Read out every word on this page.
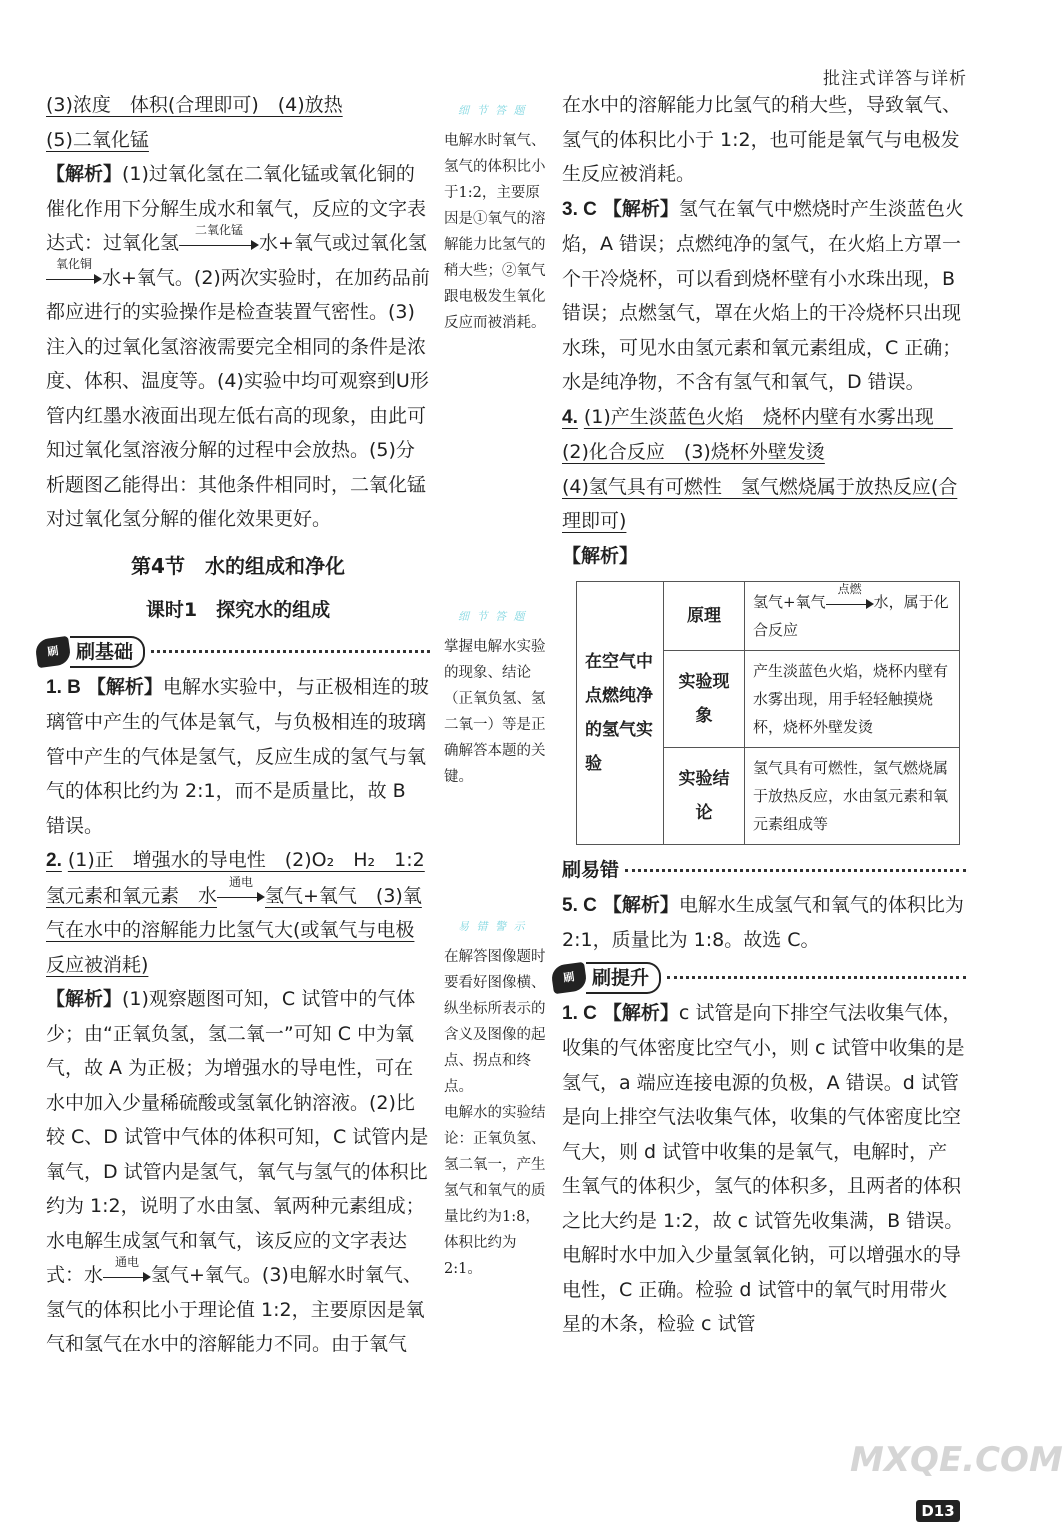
批注式详答与详析

(3)浓度　体积(合理即可)　(4)放热

(5)二氧化锰

【解析】(1)过氧化氢在二氧化锰或氧化铜的催化作用下分解生成水和氧气，反应的文字表达式：过氧化氢
二氧化锰
水+氧气或过氧化氢
氧化铜
水+氧气。(2)两次实验时，在加药品前都应进行的实验操作是检查装置气密性。(3)注入的过氧化氢溶液需要完全相同的条件是浓度、体积、温度等。(4)实验中均可观察到U形管内红墨水液面出现左低右高的现象，由此可知过氧化氢溶液分解的过程中会放热。(5)分析题图乙能得出：其他条件相同时，二氧化锰对过氧化氢分解的催化效果更好。

第4节　水的组成和净化
课时1　探究水的组成
刷 刷基础

1. B 【解析】电解水实验中，与正极相连的玻璃管中产生的气体是氧气，与负极相连的玻璃管中产生的气体是氢气，反应生成的氢气与氧气的体积比约为 2:1，而不是质量比，故 B 错误。

2. (1)正　增强水的导电性　(2)O₂　H₂　1:2

氢元素和氧元素　水
通电
氢气+氧气　(3)氧气在水中的溶解能力比氢气大(或氧气与电极反应被消耗)

【解析】(1)观察题图可知，C 试管中的气体少；由“正氧负氢，氢二氧一”可知 C 中为氧气，故 A 为正极；为增强水的导电性，可在水中加入少量稀硫酸或氢氧化钠溶液。(2)比较 C、D 试管中气体的体积可知，C 试管内是氧气，D 试管内是氢气，氧气与氢气的体积比约为 1:2，说明了水由氢、氧两种元素组成；水电解生成氢气和氧气，该反应的文字表达式：水
通电
氢气+氧气。(3)电解水时氧气、氢气的体积比小于理论值 1:2，主要原因是氧气和氢气在水中的溶解能力不同。由于氧气

细 节 答 题

电解水时氧气、氢气的体积比小于1:2，主要原因是①氧气的溶解能力比氢气的稍大些；②氧气跟电极发生氧化反应而被消耗。

细 节 答 题

掌握电解水实验的现象、结论（正氧负氢、氢二氧一）等是正确解答本题的关键。

易 错 警 示

在解答图像题时要看好图像横、纵坐标所表示的含义及图像的起点、拐点和终点。

电解水的实验结论：正氧负氢、氢二氧一，产生氢气和氧气的质量比约为1:8，体积比约为2:1。

在水中的溶解能力比氢气的稍大些，导致氧气、氢气的体积比小于 1:2，也可能是氧气与电极发生反应被消耗。

3. C 【解析】氢气在氧气中燃烧时产生淡蓝色火焰，A 错误；点燃纯净的氢气，在火焰上方罩一个干冷烧杯，可以看到烧杯壁有小水珠出现，B 错误；点燃氢气，罩在火焰上的干冷烧杯只出现水珠，可见水由氢元素和氧元素组成，C 正确；水是纯净物，不含有氢气和氧气，D 错误。

4. (1)产生淡蓝色火焰　烧杯内壁有水雾出现　(2)化合反应　(3)烧杯外壁发烫

(4)氢气具有可燃性　氢气燃烧属于放热反应(合理即可)

【解析】

在空气中点燃纯净的氢气实验	原理	氢气+氧气
点燃
水，属于化合反应
	实验现象	产生淡蓝色火焰，烧杯内壁有水雾出现，用手轻轻触摸烧杯，烧杯外壁发烫
	实验结论	氢气具有可燃性，氢气燃烧属于放热反应，水由氢元素和氧元素组成等
刷易错

5. C 【解析】电解水生成氢气和氧气的体积比为 2:1，质量比为 1:8。故选 C。

刷 刷提升

1. C 【解析】c 试管是向下排空气法收集气体，收集的气体密度比空气小，则 c 试管中收集的是氢气，a 端应连接电源的负极，A 错误。d 试管是向上排空气法收集气体，收集的气体密度比空气大，则 d 试管中收集的是氧气，电解时，产生氧气的体积少，氢气的体积多，且两者的体积之比大约是 1:2，故 c 试管先收集满，B 错误。电解时水中加入少量氢氧化钠，可以增强水的导电性，C 正确。检验 d 试管中的氧气时用带火星的木条，检验 c 试管

MXQE.COM
D13
